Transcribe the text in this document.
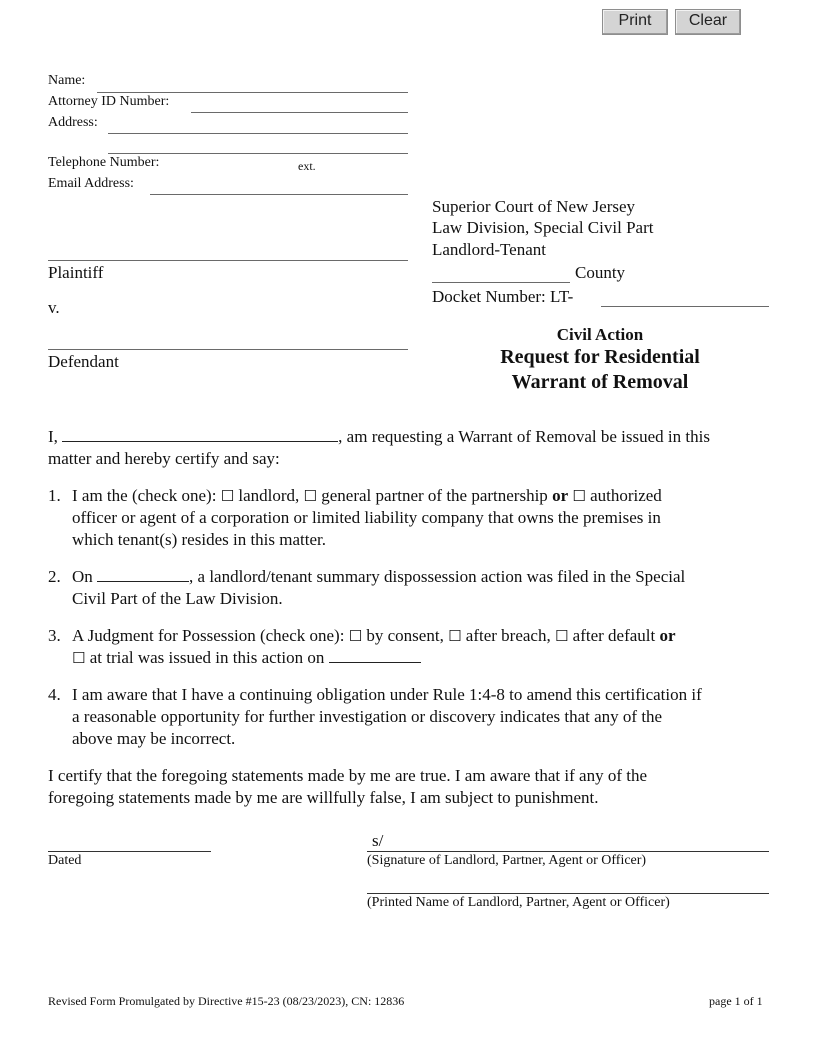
Print	Clear
Name:
Attorney ID Number:
Address:
Telephone Number:	ext.
Email Address:
Plaintiff
v.
Defendant
Superior Court of New Jersey
Law Division, Special Civil Part
Landlord-Tenant
County
Docket Number: LT-
Civil Action
Request for Residential
Warrant of Removal
I,	, am requesting a Warrant of Removal be issued in this
matter and hereby certify and say:
1. I am the (check one): ☐ landlord, ☐ general partner of the partnership or ☐ authorized
officer or agent of a corporation or limited liability company that owns the premises in
which tenant(s) resides in this matter.
2. On	, a landlord/tenant summary dispossession action was filed in the Special
Civil Part of the Law Division.
3. A Judgment for Possession (check one): ☐ by consent, ☐ after breach, ☐ after default or
☐ at trial was issued in this action on
4. I am aware that I have a continuing obligation under Rule 1:4-8 to amend this certification if
a reasonable opportunity for further investigation or discovery indicates that any of the
above may be incorrect.
I certify that the foregoing statements made by me are true. I am aware that if any of the
foregoing statements made by me are willfully false, I am subject to punishment.
Dated
s/
(Signature of Landlord, Partner, Agent or Officer)
(Printed Name of Landlord, Partner, Agent or Officer)
Revised Form Promulgated by Directive #15-23 (08/23/2023), CN: 12836	page 1 of 1
